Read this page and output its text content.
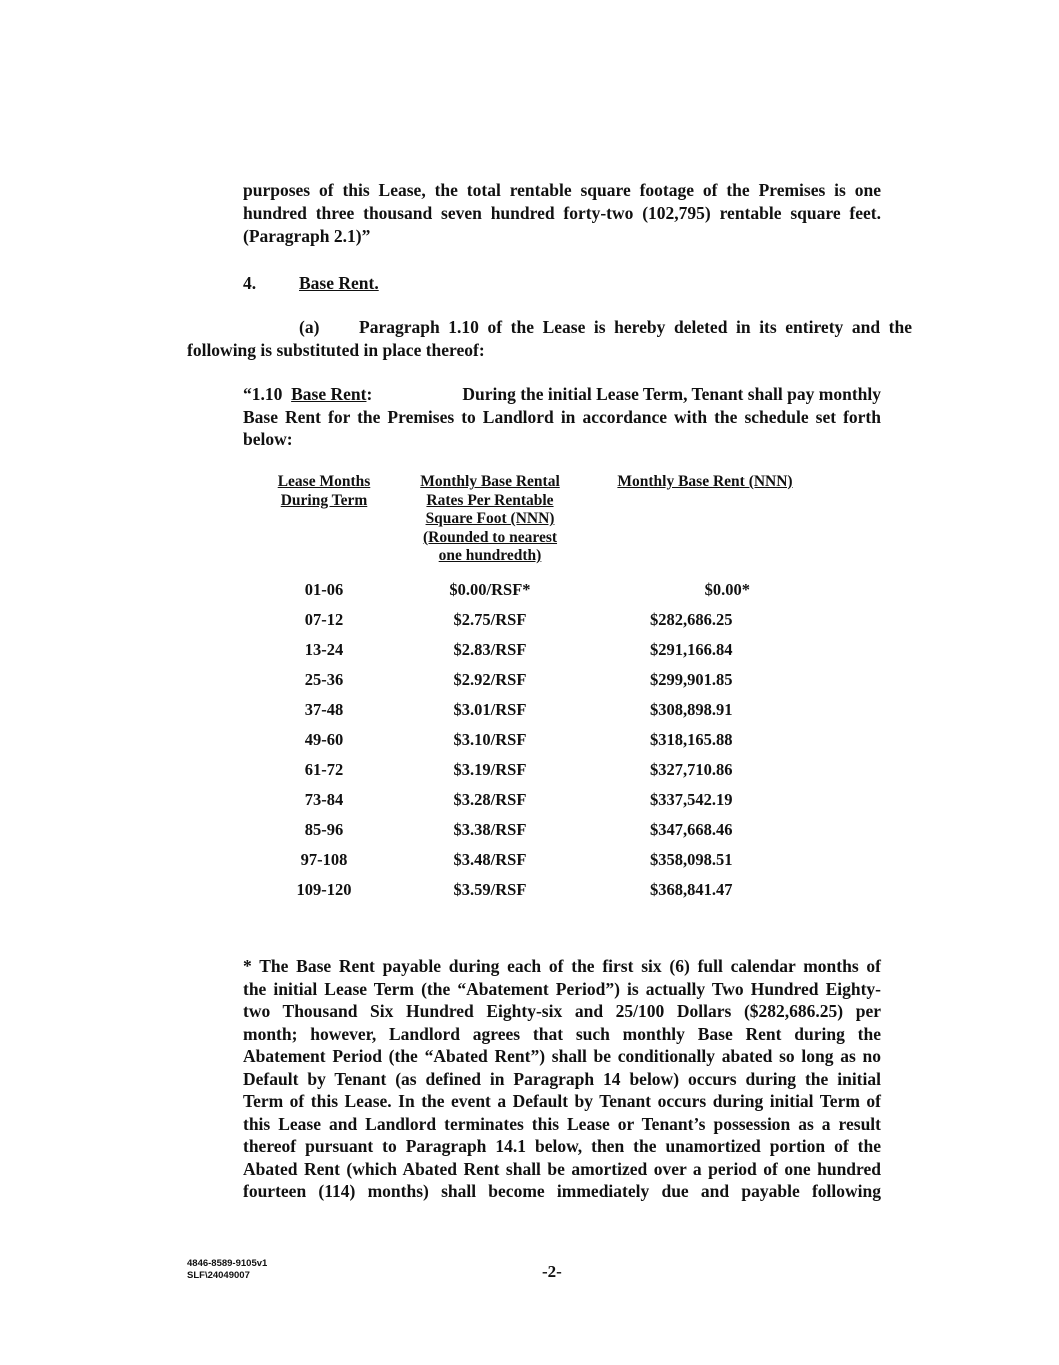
purposes of this Lease, the total rentable square footage of the Premises is one
hundred three thousand seven hundred forty-two (102,795) rentable square feet.
(Paragraph 2.1)”
4. Base Rent.
(a) Paragraph 1.10 of the Lease is hereby deleted in its entirety and the
following is substituted in place thereof:
“1.10 Base Rent:	During the initial Lease Term, Tenant shall pay monthly
Base Rent for the Premises to Landlord in accordance with the schedule set forth
below:
Lease Months
During Term
Monthly Base Rental
Rates Per Rentable
Square Foot (NNN)
(Rounded to nearest
one hundredth)
Monthly Base Rent (NNN)
01-06	$0.00/RSF*	$0.00*
07-12	$2.75/RSF	$282,686.25
13-24	$2.83/RSF	$291,166.84
25-36	$2.92/RSF	$299,901.85
37-48	$3.01/RSF	$308,898.91
49-60	$3.10/RSF	$318,165.88
61-72	$3.19/RSF	$327,710.86
73-84	$3.28/RSF	$337,542.19
85-96	$3.38/RSF	$347,668.46
97-108	$3.48/RSF	$358,098.51
109-120	$3.59/RSF	$368,841.47
* The Base Rent payable during each of the first six (6) full calendar months of
the initial Lease Term (the “Abatement Period”) is actually Two Hundred Eighty-
two Thousand Six Hundred Eighty-six and 25/100 Dollars ($282,686.25) per
month; however, Landlord agrees that such monthly Base Rent during the
Abatement Period (the “Abated Rent”) shall be conditionally abated so long as no
Default by Tenant (as defined in Paragraph 14 below) occurs during the initial
Term of this Lease. In the event a Default by Tenant occurs during initial Term of
this Lease and Landlord terminates this Lease or Tenant’s possession as a result
thereof pursuant to Paragraph 14.1 below, then the unamortized portion of the
Abated Rent (which Abated Rent shall be amortized over a period of one hundred
fourteen (114) months) shall become immediately due and payable following
4846-8589-9105v1
SLF\24049007	-2-
